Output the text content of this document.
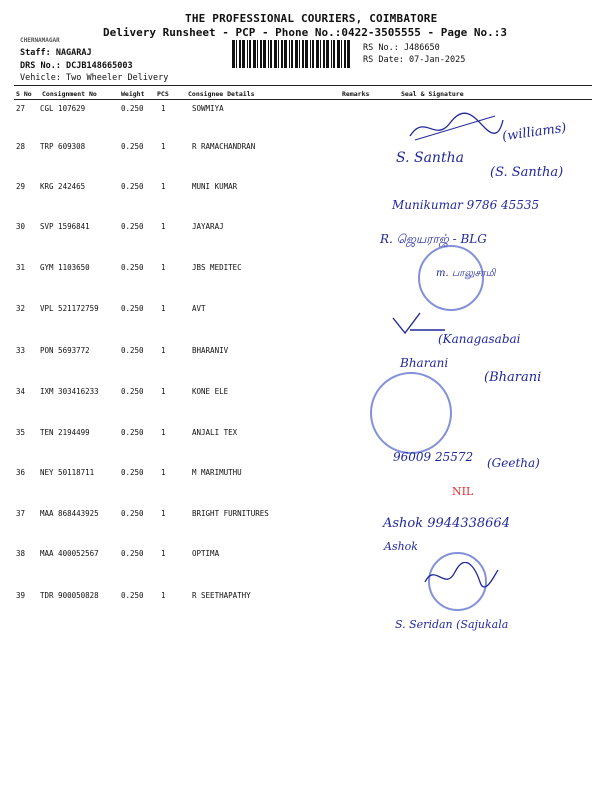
THE PROFESSIONAL COURIERS, COIMBATORE
Delivery Runsheet - PCP - Phone No.:0422-3505555 - Page No.:3
CHERNAMAGAR
Staff: NAGARAJ
DRS No.: DCJB148665003
Vehicle: Two Wheeler Delivery
RS No.: J486650
RS Date: 07-Jan-2025
S No Consignment No	Weight PCS	Consignee Details	Remarks	Seal & Signature
27 CGL 107629	0.250 1	SOWMIYA
28 TRP 609308	0.250 1	R RAMACHANDRAN
29 KRG 242465	0.250 1	MUNI KUMAR
30 SVP 1596841	0.250 1	JAYARAJ
31 GYM 1103650	0.250 1	JBS MEDITEC
32 VPL 521172759	0.250 1	AVT
33 PON 5693772	0.250 1	BHARANIV
34 IXM 303416233	0.250 1	KONE ELE
35 TEN 2194499	0.250 1	ANJALI TEX
36 NEY 50118711	0.250 1	M MARIMUTHU
37 MAA 868443925	0.250 1	BRIGHT FURNITURES
38 MAA 400052567	0.250 1	OPTIMA
39 TDR 900050828	0.250 1	R SEETHAPATHY
(williams)
S. Santha
(S. Santha)
Munikumar 9786 45535
R. ஜெயராஜ் - BLG
m. பாலுசாமி
(Kanagasabai
Bharani
(Bharani
96009 25572 (Geetha)
NIL
Ashok 9944338664
Ashok
S. Seridan (Sajukala
